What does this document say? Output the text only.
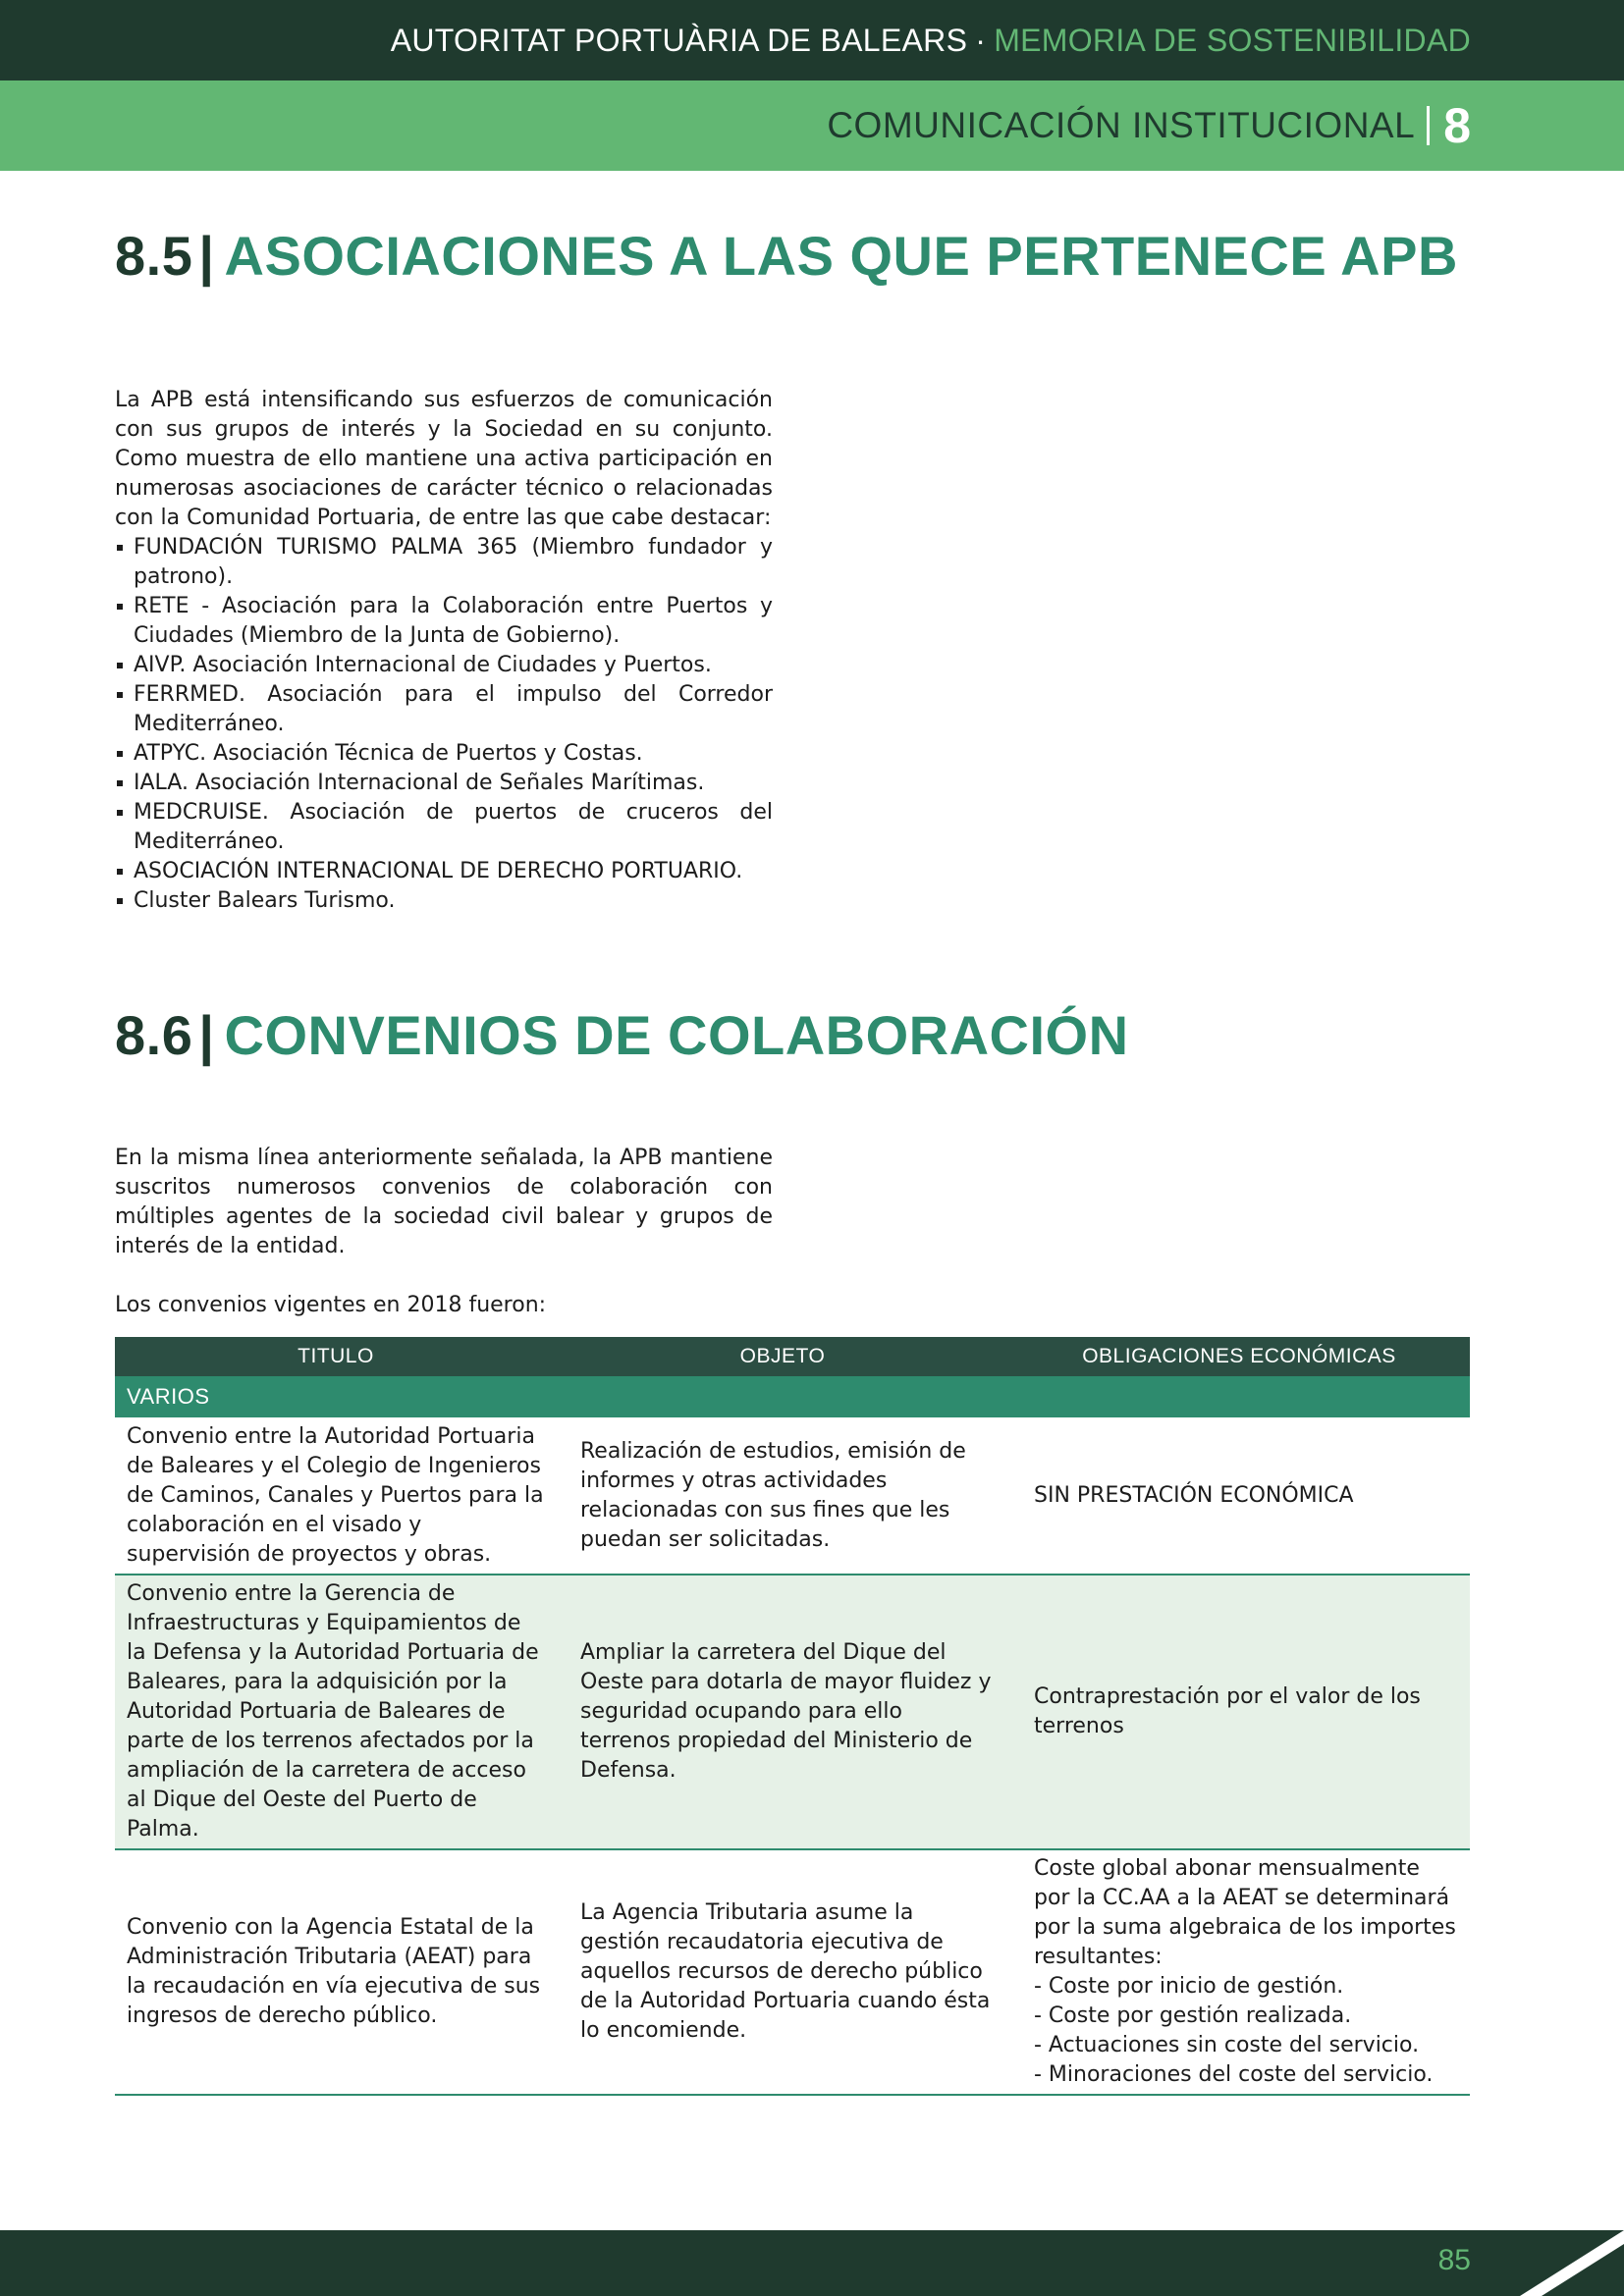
AUTORITAT PORTUÀRIA DE BALEARS · MEMORIA DE SOSTENIBILIDAD
COMUNICACIÓN INSTITUCIONAL 8
8.5 | ASOCIACIONES A LAS QUE PERTENECE APB

La APB está intensificando sus esfuerzos de comunicación con sus grupos de interés y la Sociedad en su conjunto. Como muestra de ello mantiene una activa participación en numerosas asociaciones de carácter técnico o relacionadas con la Comunidad Portuaria, de entre las que cabe destacar:

FUNDACIÓN TURISMO PALMA 365 (Miembro fundador y patrono).
RETE - Asociación para la Colaboración entre Puertos y Ciudades (Miembro de la Junta de Gobierno).
AIVP. Asociación Internacional de Ciudades y Puertos.
FERRMED. Asociación para el impulso del Corredor Mediterráneo.
ATPYC. Asociación Técnica de Puertos y Costas.
IALA. Asociación Internacional de Señales Marítimas.
MEDCRUISE. Asociación de puertos de cruceros del Mediterráneo.
ASOCIACIÓN INTERNACIONAL DE DERECHO PORTUARIO.
Cluster Balears Turismo.
8.6 | CONVENIOS DE COLABORACIÓN

En la misma línea anteriormente señalada, la APB mantiene suscritos numerosos convenios de colaboración con múltiples agentes de la sociedad civil balear y grupos de interés de la entidad.

Los convenios vigentes en 2018 fueron:

TITULO	OBJETO	OBLIGACIONES ECONÓMICAS
VARIOS		
Convenio entre la Autoridad Portuaria de Baleares y el Colegio de Ingenieros de Caminos, Canales y Puertos para la colaboración en el visado y supervisión de proyectos y obras.	Realización de estudios, emisión de informes y otras actividades relacionadas con sus fines que les puedan ser solicitadas.	SIN PRESTACIÓN ECONÓMICA
Convenio entre la Gerencia de Infraestructuras y Equipamientos de la Defensa y la Autoridad Portuaria de Baleares, para la adquisición por la Autoridad Portuaria de Baleares de parte de los terrenos afectados por la ampliación de la carretera de acceso al Dique del Oeste del Puerto de Palma.	Ampliar la carretera del Dique del Oeste para dotarla de mayor fluidez y seguridad ocupando para ello terrenos propiedad del Ministerio de Defensa.	Contraprestación por el valor de los terrenos
Convenio con la Agencia Estatal de la Administración Tributaria (AEAT) para la recaudación en vía ejecutiva de sus ingresos de derecho público.	La Agencia Tributaria asume la gestión recaudatoria ejecutiva de aquellos recursos de derecho público de la Autoridad Portuaria cuando ésta lo encomiende.	Coste global abonar mensualmente por la CC.AA a la AEAT se determinará por la suma algebraica de los importes resultantes:
- Coste por inicio de gestión.
- Coste por gestión realizada.
- Actuaciones sin coste del servicio.
- Minoraciones del coste del servicio.
85
